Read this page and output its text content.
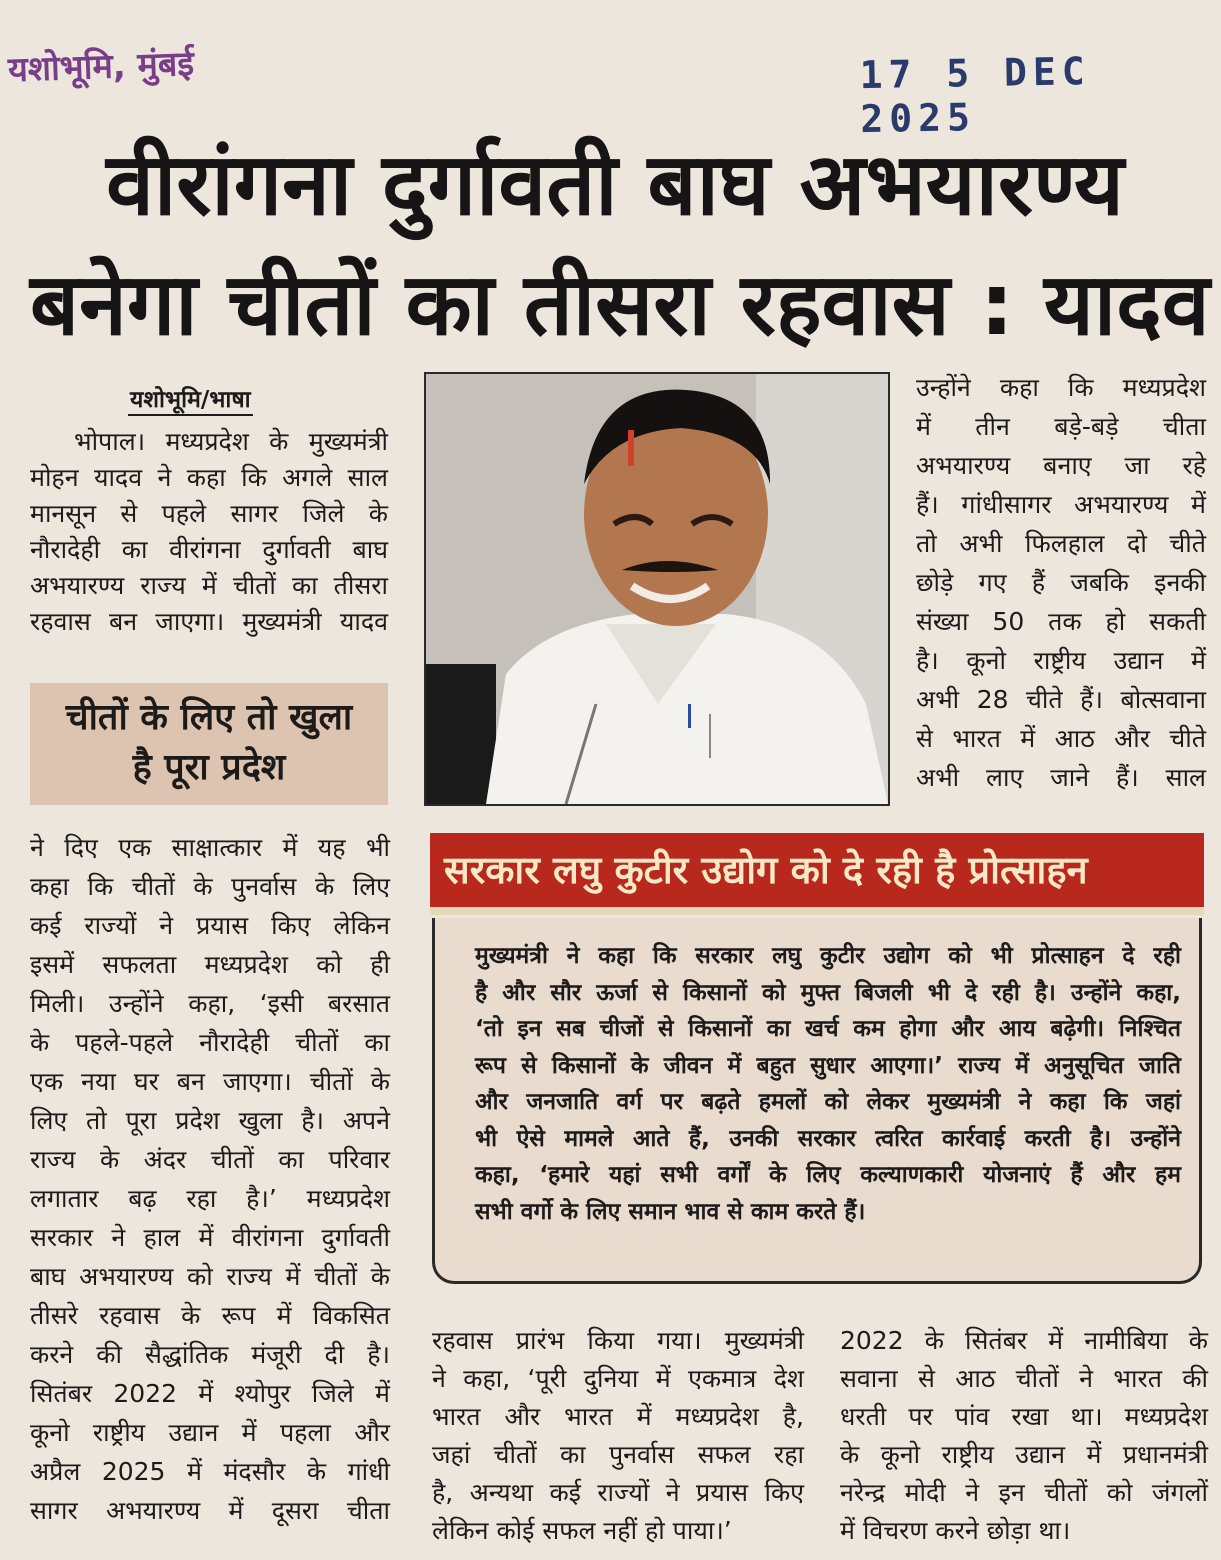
यशोभूमि, मुंबई	17 5 DEC 2025
वीरांगना दुर्गावती बाघ अभयारण्य
बनेगा चीतों का तीसरा रहवास : यादव
यशोभूमि/भाषा

भोपाल। मध्यप्रदेश के मुख्यमंत्री

मोहन यादव ने कहा कि अगले साल

मानसून से पहले सागर जिले के

नौरादेही का वीरांगना दुर्गावती बाघ

अभयारण्य राज्य में चीतों का तीसरा

रहवास बन जाएगा। मुख्यमंत्री यादव

चीतों के लिए तो खुला
है पूरा प्रदेश

ने दिए एक साक्षात्कार में यह भी

कहा कि चीतों के पुनर्वास के लिए

कई राज्यों ने प्रयास किए लेकिन

इसमें सफलता मध्यप्रदेश को ही

मिली। उन्होंने कहा, ‘इसी बरसात

के पहले-पहले नौरादेही चीतों का

एक नया घर बन जाएगा। चीतों के

लिए तो पूरा प्रदेश खुला है। अपने

राज्य के अंदर चीतों का परिवार

लगातार बढ़ रहा है।’ मध्यप्रदेश

सरकार ने हाल में वीरांगना दुर्गावती

बाघ अभयारण्य को राज्य में चीतों के

तीसरे रहवास के रूप में विकसित

करने की सैद्धांतिक मंजूरी दी है।

सितंबर 2022 में श्योपुर जिले में

कूनो राष्ट्रीय उद्यान में पहला और

अप्रैल 2025 में मंदसौर के गांधी

सागर अभयारण्य में दूसरा चीता

उन्होंने कहा कि मध्यप्रदेश

में तीन बड़े-बड़े चीता

अभयारण्य बनाए जा रहे

हैं। गांधीसागर अभयारण्य में

तो अभी फिलहाल दो चीते

छोड़े गए हैं जबकि इनकी

संख्या 50 तक हो सकती

है। कूनो राष्ट्रीय उद्यान में

अभी 28 चीते हैं। बोत्सवाना

से भारत में आठ और चीते

अभी लाए जाने हैं। साल

सरकार लघु कुटीर उद्योग को दे रही है प्रोत्साहन

मुख्यमंत्री ने कहा कि सरकार लघु कुटीर उद्योग को भी प्रोत्साहन दे रही

है और सौर ऊर्जा से किसानों को मुफ्त बिजली भी दे रही है। उन्होंने कहा,

‘तो इन सब चीजों से किसानों का खर्च कम होगा और आय बढ़ेगी। निश्चित

रूप से किसानों के जीवन में बहुत सुधार आएगा।’ राज्य में अनुसूचित जाति

और जनजाति वर्ग पर बढ़ते हमलों को लेकर मुख्यमंत्री ने कहा कि जहां

भी ऐसे मामले आते हैं, उनकी सरकार त्वरित कार्रवाई करती है। उन्होंने

कहा, ‘हमारे यहां सभी वर्गों के लिए कल्याणकारी योजनाएं हैं और हम

सभी वर्गो के लिए समान भाव से काम करते हैं।

रहवास प्रारंभ किया गया। मुख्यमंत्री

ने कहा, ‘पूरी दुनिया में एकमात्र देश

भारत और भारत में मध्यप्रदेश है,

जहां चीतों का पुनर्वास सफल रहा

है, अन्यथा कई राज्यों ने प्रयास किए

लेकिन कोई सफल नहीं हो पाया।’

2022 के सितंबर में नामीबिया के

सवाना से आठ चीतों ने भारत की

धरती पर पांव रखा था। मध्यप्रदेश

के कूनो राष्ट्रीय उद्यान में प्रधानमंत्री

नरेन्द्र मोदी ने इन चीतों को जंगलों

में विचरण करने छोड़ा था।
